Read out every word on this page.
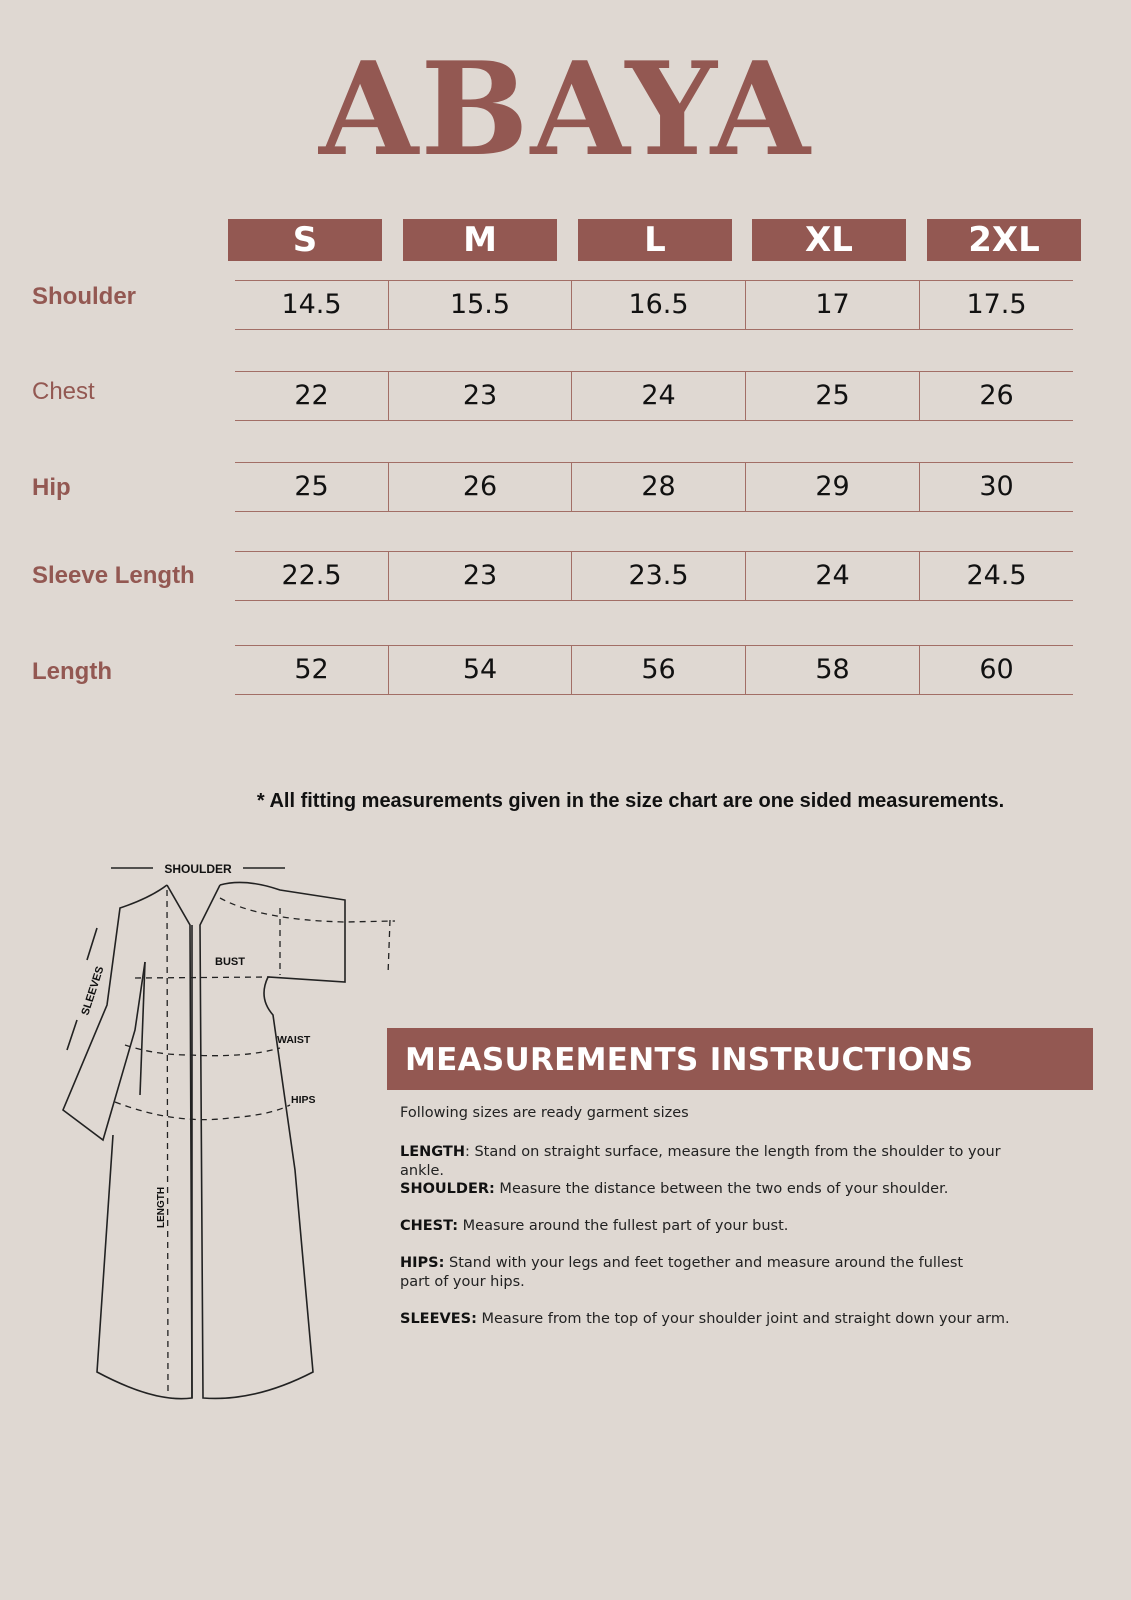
ABAYA
S	M	L	XL	2XL
Shoulder	14.5	15.5	16.5	17	17.5
Chest	22	23	24	25	26
Hip	25	26	28	29	30
Sleeve Length	22.5	23	23.5	24	24.5
Length	52	54	56	58	60
* All fitting measurements given in the size chart are one sided measurements.
SHOULDER
SLEEVES
BUST
WAIST
HIPS
LENGTH
MEASUREMENTS INSTRUCTIONS
Following sizes are ready garment sizes
LENGTH: Stand on straight surface, measure the length from the shoulder to your ankle.
SHOULDER: Measure the distance between the two ends of your shoulder.
CHEST: Measure around the fullest part of your bust.
HIPS: Stand with your legs and feet together and measure around the fullest part of your hips.
SLEEVES: Measure from the top of your shoulder joint and straight down your arm.
